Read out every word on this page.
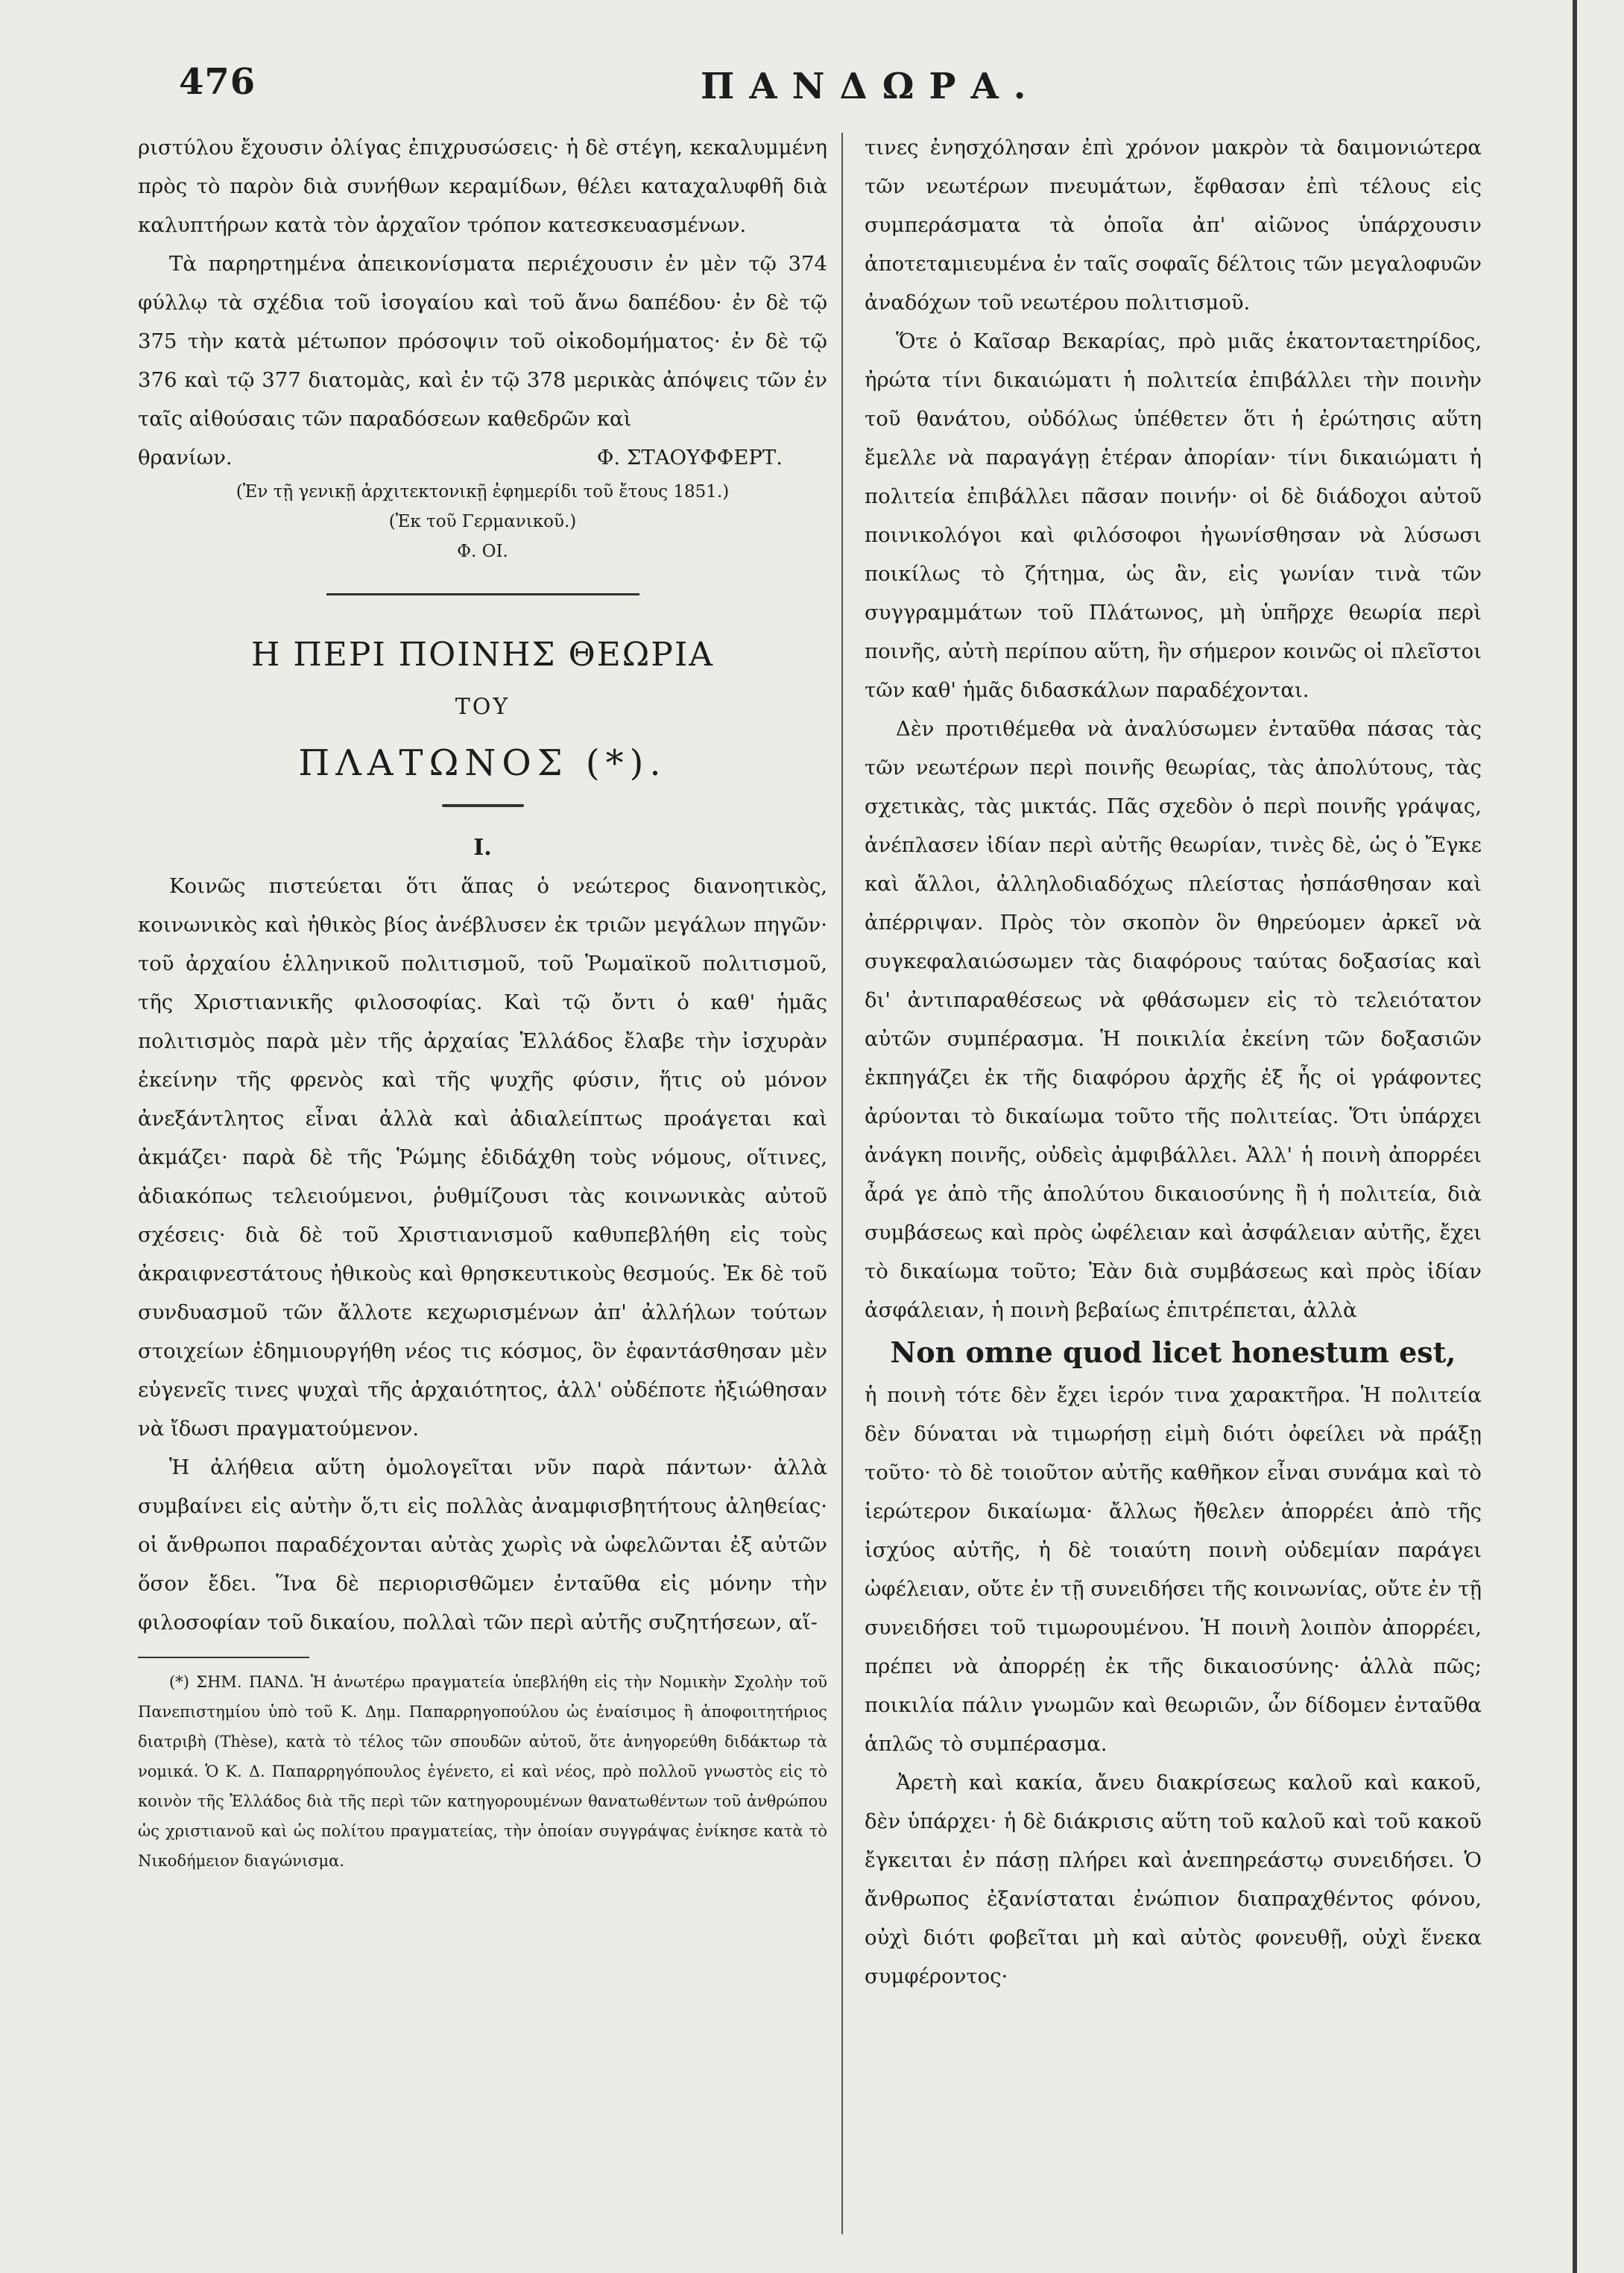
476	ΠΑΝΔΩΡΑ.

ριστύλου ἔχουσιν ὀλίγας ἐπιχρυσώσεις· ἡ δὲ στέγη, κεκαλυμμένη πρὸς τὸ παρὸν διὰ συνήθων κεραμίδων, θέλει καταχαλυφθῆ διὰ καλυπτήρων κατὰ τὸν ἀρχαῖον τρόπον κατεσκευασμένων.

Τὰ παρηρτημένα ἀπεικονίσματα περιέχουσιν ἐν μὲν τῷ 374 φύλλῳ τὰ σχέδια τοῦ ἰσογαίου καὶ τοῦ ἄνω δαπέδου· ἐν δὲ τῷ 375 τὴν κατὰ μέτωπον πρόσοψιν τοῦ οἰκοδομήματος· ἐν δὲ τῷ 376 καὶ τῷ 377 διατομὰς, καὶ ἐν τῷ 378 μερικὰς ἀπόψεις τῶν ἐν ταῖς αἰθούσαις τῶν παραδόσεων καθεδρῶν καὶ

θρανίων.	Φ. ΣΤΑΟΥΦΦΕΡΤ.
(Ἐν τῇ γενικῇ ἀρχιτεκτονικῇ ἐφημερίδι τοῦ ἔτους 1851.)
(Ἐκ τοῦ Γερμανικοῦ.)
Φ. ΟΙ.
Η ΠΕΡΙ ΠΟΙΝΗΣ ΘΕΩΡΙΑ
ΤΟΥ
ΠΛΑΤΩΝΟΣ (*).
I.

Κοινῶς πιστεύεται ὅτι ἅπας ὁ νεώτερος διανοητικὸς, κοινωνικὸς καὶ ἠθικὸς βίος ἀνέβλυσεν ἐκ τριῶν μεγάλων πηγῶν· τοῦ ἀρχαίου ἑλληνικοῦ πολιτισμοῦ, τοῦ Ῥωμαϊκοῦ πολιτισμοῦ, τῆς Χριστιανικῆς φιλοσοφίας. Καὶ τῷ ὄντι ὁ καθ' ἡμᾶς πολιτισμὸς παρὰ μὲν τῆς ἀρχαίας Ἑλλάδος ἔλαβε τὴν ἰσχυρὰν ἐκείνην τῆς φρενὸς καὶ τῆς ψυχῆς φύσιν, ἥτις οὐ μόνον ἀνεξάντλητος εἶναι ἀλλὰ καὶ ἀδιαλείπτως προάγεται καὶ ἀκμάζει· παρὰ δὲ τῆς Ῥώμης ἐδιδάχθη τοὺς νόμους, οἵτινες, ἀδιακόπως τελειούμενοι, ῥυθμίζουσι τὰς κοινωνικὰς αὐτοῦ σχέσεις· διὰ δὲ τοῦ Χριστιανισμοῦ καθυπεβλήθη εἰς τοὺς ἀκραιφνεστάτους ἠθικοὺς καὶ θρησκευτικοὺς θεσμούς. Ἐκ δὲ τοῦ συνδυασμοῦ τῶν ἄλλοτε κεχωρισμένων ἀπ' ἀλλήλων τούτων στοιχείων ἐδημιουργήθη νέος τις κόσμος, ὃν ἐφαντάσθησαν μὲν εὐγενεῖς τινες ψυχαὶ τῆς ἀρχαιότητος, ἀλλ' οὐδέποτε ἠξιώθησαν νὰ ἴδωσι πραγματούμενον.

Ἡ ἀλήθεια αὕτη ὁμολογεῖται νῦν παρὰ πάντων· ἀλλὰ συμβαίνει εἰς αὐτὴν ὅ,τι εἰς πολλὰς ἀναμφισβητήτους ἀληθείας· οἱ ἄνθρωποι παραδέχονται αὐτὰς χωρὶς νὰ ὠφελῶνται ἐξ αὐτῶν ὅσον ἔδει. Ἵνα δὲ περιορισθῶμεν ἐνταῦθα εἰς μόνην τὴν φιλοσοφίαν τοῦ δικαίου, πολλαὶ τῶν περὶ αὐτῆς συζητήσεων, αἵ-

(*) ΣΗΜ. ΠΑΝΔ. Ἡ ἀνωτέρω πραγματεία ὑπεβλήθη εἰς τὴν Νομικὴν Σχολὴν τοῦ Πανεπιστημίου ὑπὸ τοῦ Κ. Δημ. Παπαρρηγοπούλου ὡς ἐναίσιμος ἢ ἀποφοιτητήριος διατριβὴ (Thèse), κατὰ τὸ τέλος τῶν σπουδῶν αὐτοῦ, ὅτε ἀνηγορεύθη διδάκτωρ τὰ νομικά. Ὁ Κ. Δ. Παπαρρηγόπουλος ἐγένετο, εἰ καὶ νέος, πρὸ πολλοῦ γνωστὸς εἰς τὸ κοινὸν τῆς Ἑλλάδος διὰ τῆς περὶ τῶν κατηγορουμένων θανατωθέντων τοῦ ἀνθρώπου ὡς χριστιανοῦ καὶ ὡς πολίτου πραγματείας, τὴν ὁποίαν συγγράψας ἐνίκησε κατὰ τὸ Νικοδήμειον διαγώνισμα.

τινες ἐνησχόλησαν ἐπὶ χρόνον μακρὸν τὰ δαιμονιώτερα τῶν νεωτέρων πνευμάτων, ἔφθασαν ἐπὶ τέλους εἰς συμπεράσματα τὰ ὁποῖα ἀπ' αἰῶνος ὑπάρχουσιν ἀποτεταμιευμένα ἐν ταῖς σοφαῖς δέλτοις τῶν μεγαλοφυῶν ἀναδόχων τοῦ νεωτέρου πολιτισμοῦ.

Ὅτε ὁ Καῖσαρ Βεκαρίας, πρὸ μιᾶς ἑκατονταετηρίδος, ἠρώτα τίνι δικαιώματι ἡ πολιτεία ἐπιβάλλει τὴν ποινὴν τοῦ θανάτου, οὐδόλως ὑπέθετεν ὅτι ἡ ἐρώτησις αὕτη ἔμελλε νὰ παραγάγῃ ἑτέραν ἀπορίαν· τίνι δικαιώματι ἡ πολιτεία ἐπιβάλλει πᾶσαν ποινήν· οἱ δὲ διάδοχοι αὐτοῦ ποινικολόγοι καὶ φιλόσοφοι ἠγωνίσθησαν νὰ λύσωσι ποικίλως τὸ ζήτημα, ὡς ἂν, εἰς γωνίαν τινὰ τῶν συγγραμμάτων τοῦ Πλάτωνος, μὴ ὑπῆρχε θεωρία περὶ ποινῆς, αὐτὴ περίπου αὕτη, ἣν σήμερον κοινῶς οἱ πλεῖστοι τῶν καθ' ἡμᾶς διδασκάλων παραδέχονται.

Δὲν προτιθέμεθα νὰ ἀναλύσωμεν ἐνταῦθα πάσας τὰς τῶν νεωτέρων περὶ ποινῆς θεωρίας, τὰς ἀπολύτους, τὰς σχετικὰς, τὰς μικτάς. Πᾶς σχεδὸν ὁ περὶ ποινῆς γράψας, ἀνέπλασεν ἰδίαν περὶ αὐτῆς θεωρίαν, τινὲς δὲ, ὡς ὁ Ἔγκε καὶ ἄλλοι, ἀλληλοδιαδόχως πλείστας ἠσπάσθησαν καὶ ἀπέρριψαν. Πρὸς τὸν σκοπὸν ὃν θηρεύομεν ἀρκεῖ νὰ συγκεφαλαιώσωμεν τὰς διαφόρους ταύτας δοξασίας καὶ δι' ἀντιπαραθέσεως νὰ φθάσωμεν εἰς τὸ τελειότατον αὐτῶν συμπέρασμα. Ἡ ποικιλία ἐκείνη τῶν δοξασιῶν ἐκπηγάζει ἐκ τῆς διαφόρου ἀρχῆς ἐξ ἧς οἱ γράφοντες ἀρύονται τὸ δικαίωμα τοῦτο τῆς πολιτείας. Ὅτι ὑπάρχει ἀνάγκη ποινῆς, οὐδεὶς ἀμφιβάλλει. Ἀλλ' ἡ ποινὴ ἀπορρέει ἆρά γε ἀπὸ τῆς ἀπολύτου δικαιοσύνης ἢ ἡ πολιτεία, διὰ συμβάσεως καὶ πρὸς ὠφέλειαν καὶ ἀσφάλειαν αὐτῆς, ἔχει τὸ δικαίωμα τοῦτο; Ἐὰν διὰ συμβάσεως καὶ πρὸς ἰδίαν ἀσφάλειαν, ἡ ποινὴ βεβαίως ἐπιτρέπεται, ἀλλὰ

Non omne quod licet honestum est,

ἡ ποινὴ τότε δὲν ἔχει ἱερόν τινα χαρακτῆρα. Ἡ πολιτεία δὲν δύναται νὰ τιμωρήσῃ εἰμὴ διότι ὀφείλει νὰ πράξῃ τοῦτο· τὸ δὲ τοιοῦτον αὐτῆς καθῆκον εἶναι συνάμα καὶ τὸ ἱερώτερον δικαίωμα· ἄλλως ἤθελεν ἀπορρέει ἀπὸ τῆς ἰσχύος αὐτῆς, ἡ δὲ τοιαύτη ποινὴ οὐδεμίαν παράγει ὠφέλειαν, οὔτε ἐν τῇ συνειδήσει τῆς κοινωνίας, οὔτε ἐν τῇ συνειδήσει τοῦ τιμωρουμένου. Ἡ ποινὴ λοιπὸν ἀπορρέει, πρέπει νὰ ἀπορρέῃ ἐκ τῆς δικαιοσύνης· ἀλλὰ πῶς; ποικιλία πάλιν γνωμῶν καὶ θεωριῶν, ὧν δίδομεν ἐνταῦθα ἁπλῶς τὸ συμπέρασμα.

Ἀρετὴ καὶ κακία, ἄνευ διακρίσεως καλοῦ καὶ κακοῦ, δὲν ὑπάρχει· ἡ δὲ διάκρισις αὕτη τοῦ καλοῦ καὶ τοῦ κακοῦ ἔγκειται ἐν πάσῃ πλήρει καὶ ἀνεπηρεάστῳ συνειδήσει. Ὁ ἄνθρωπος ἐξανίσταται ἐνώπιον διαπραχθέντος φόνου, οὐχὶ διότι φοβεῖται μὴ καὶ αὐτὸς φονευθῇ, οὐχὶ ἕνεκα συμφέροντος·
